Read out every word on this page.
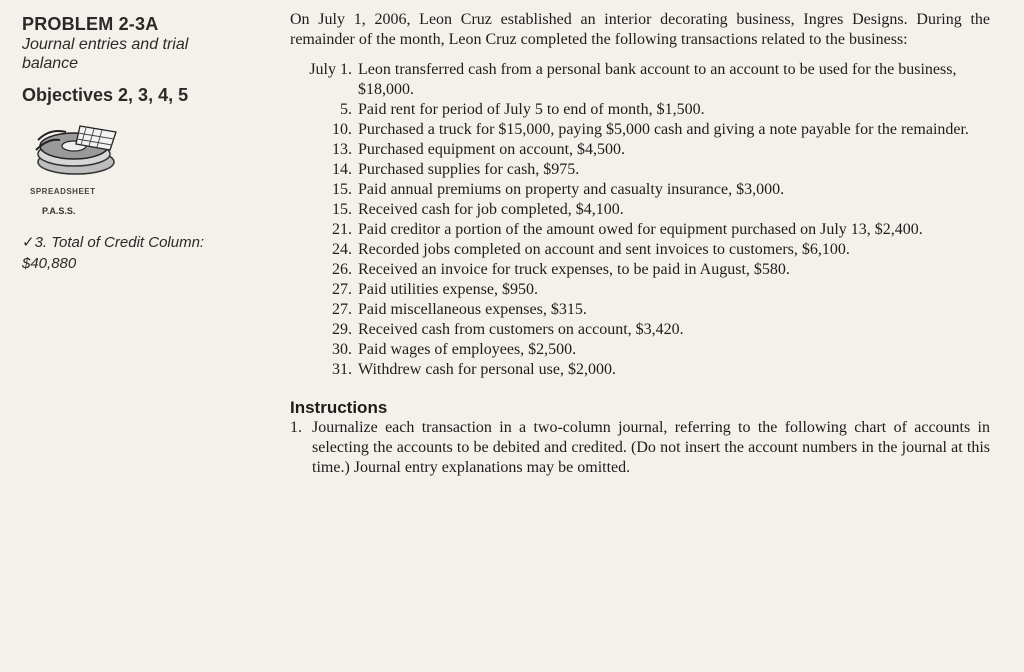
PROBLEM 2-3A
Journal entries and trial
balance
Objectives 2, 3, 4, 5
SPREADSHEET
P.A.S.S.
✓3. Total of Credit Column:
$40,880
On July 1, 2006, Leon Cruz established an interior decorating business, Ingres Designs. During the remainder of the month, Leon Cruz completed the following transactions related to the business:
July 1. Leon transferred cash from a personal bank account to an account to be used for the business, $18,000.
5. Paid rent for period of July 5 to end of month, $1,500.
10. Purchased a truck for $15,000, paying $5,000 cash and giving a note payable for the remainder.
13. Purchased equipment on account, $4,500.
14. Purchased supplies for cash, $975.
15. Paid annual premiums on property and casualty insurance, $3,000.
15. Received cash for job completed, $4,100.
21. Paid creditor a portion of the amount owed for equipment purchased on July 13, $2,400.
24. Recorded jobs completed on account and sent invoices to customers, $6,100.
26. Received an invoice for truck expenses, to be paid in August, $580.
27. Paid utilities expense, $950.
27. Paid miscellaneous expenses, $315.
29. Received cash from customers on account, $3,420.
30. Paid wages of employees, $2,500.
31. Withdrew cash for personal use, $2,000.
Instructions
1. Journalize each transaction in a two-column journal, referring to the following chart of accounts in selecting the accounts to be debited and credited. (Do not insert the account numbers in the journal at this time.) Journal entry explanations may be omitted.
